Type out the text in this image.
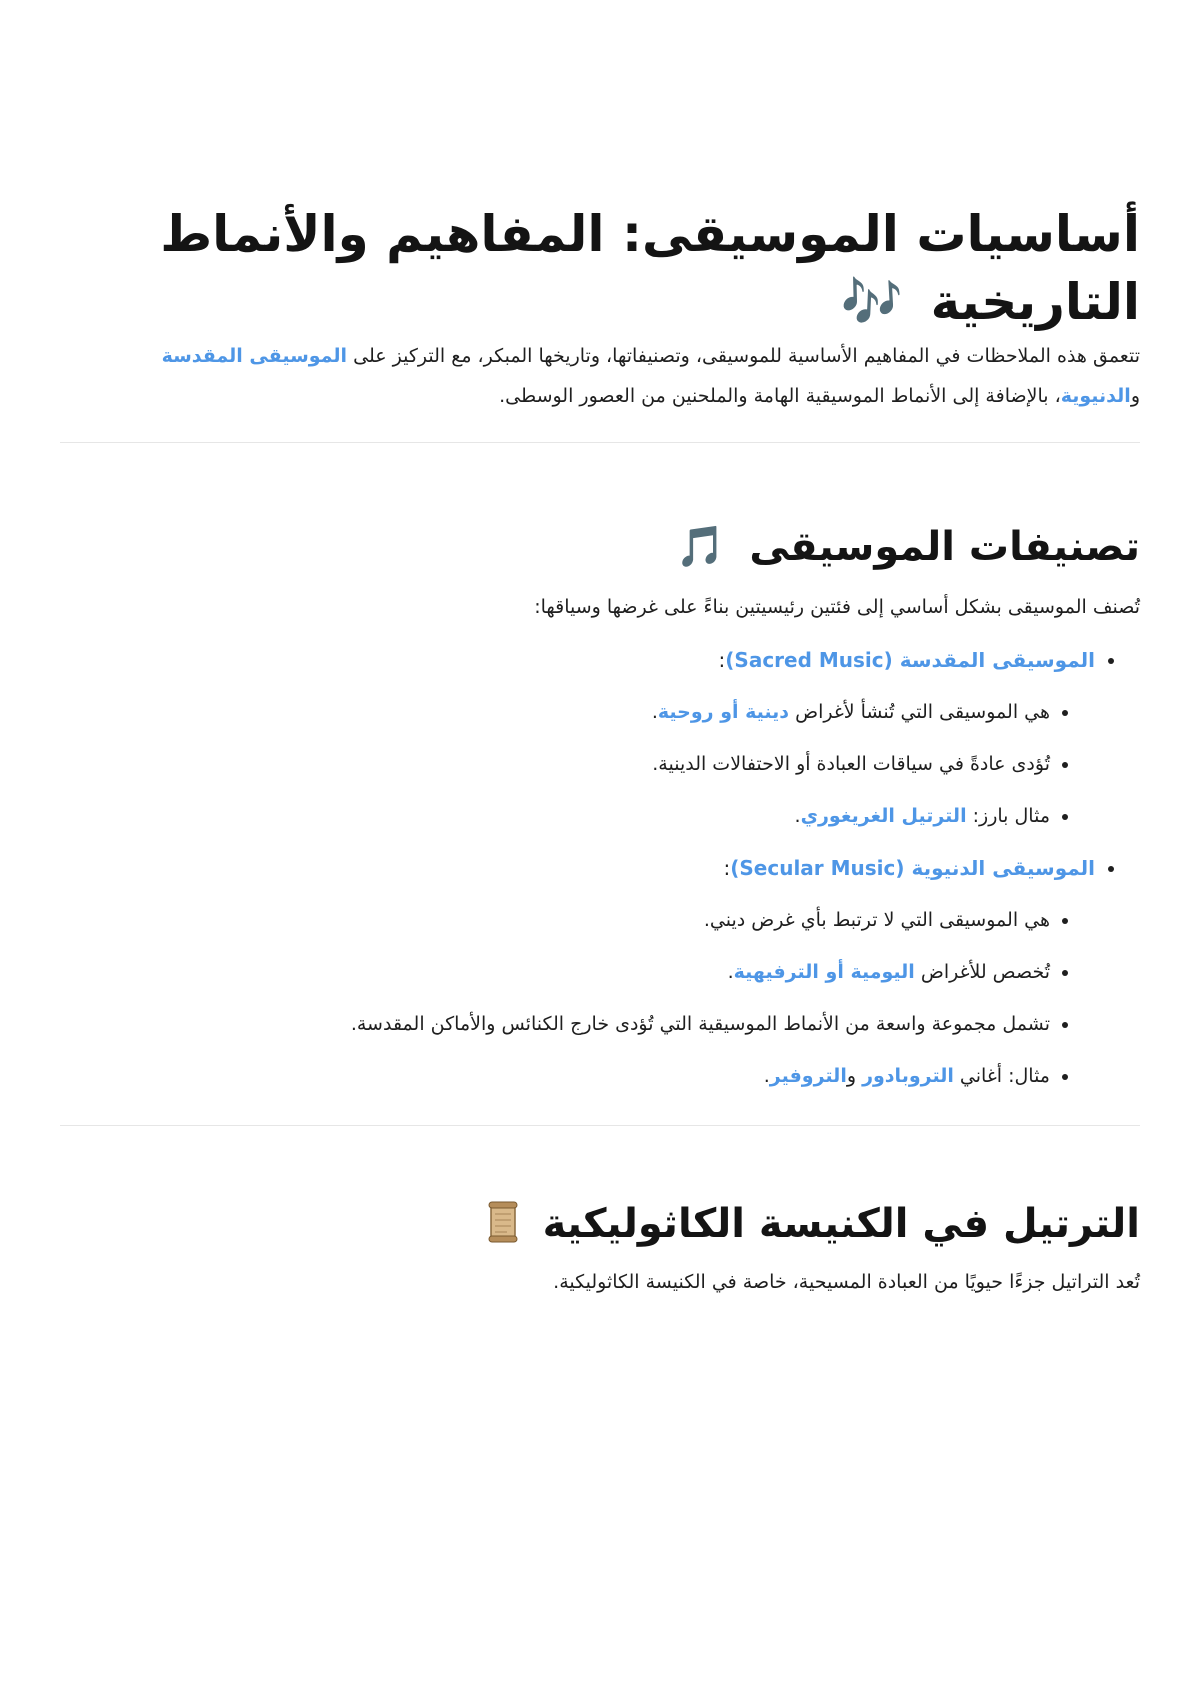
أساسيات الموسيقى: المفاهيم والأنماط التاريخية 🎶

تتعمق هذه الملاحظات في المفاهيم الأساسية للموسيقى، وتصنيفاتها، وتاريخها المبكر، مع التركيز على الموسيقى المقدسة والدنيوية، بالإضافة إلى الأنماط الموسيقية الهامة والملحنين من العصور الوسطى.

تصنيفات الموسيقى 🎵

تُصنف الموسيقى بشكل أساسي إلى فئتين رئيسيتين بناءً على غرضها وسياقها:

• الموسيقى المقدسة (Sacred Music):
• هي الموسيقى التي تُنشأ لأغراض دينية أو روحية.
• تُؤدى عادةً في سياقات العبادة أو الاحتفالات الدينية.
• مثال بارز: الترتيل الغريغوري.
• الموسيقى الدنيوية (Secular Music):
• هي الموسيقى التي لا ترتبط بأي غرض ديني.
• تُخصص للأغراض اليومية أو الترفيهية.
• تشمل مجموعة واسعة من الأنماط الموسيقية التي تُؤدى خارج الكنائس والأماكن المقدسة.
• مثال: أغاني التروبادور والتروفير.
الترتيل في الكنيسة الكاثوليكية

تُعد التراتيل جزءًا حيويًا من العبادة المسيحية، خاصة في الكنيسة الكاثوليكية.
